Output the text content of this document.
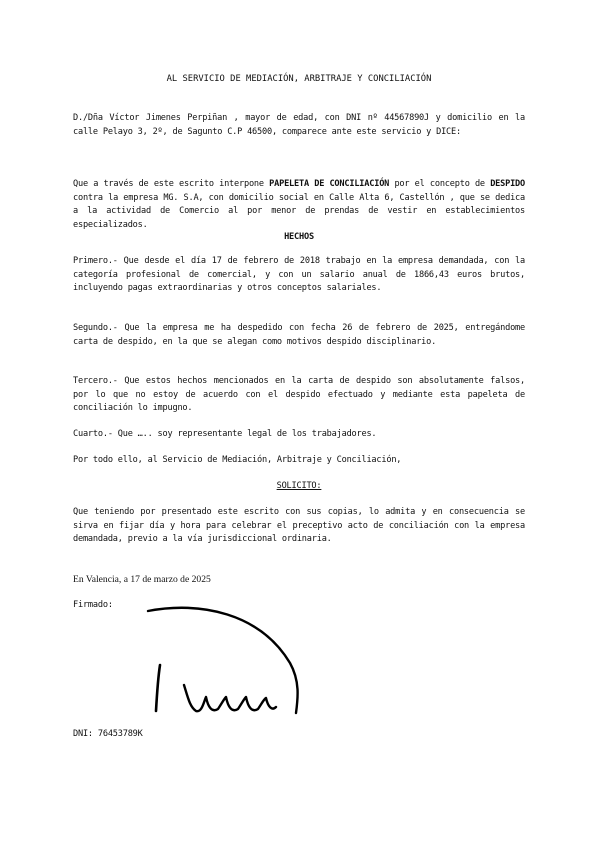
AL SERVICIO DE MEDIACIÓN, ARBITRAJE Y CONCILIACIÓN
D./Dña Víctor Jimenes Perpiñan , mayor de edad, con DNI nº 44567890J y domicilio en la calle Pelayo 3, 2º, de Sagunto C.P 46500, comparece ante este servicio y DICE:
Que a través de este escrito interpone PAPELETA DE CONCILIACIÓN por el concepto de DESPIDO contra la empresa MG. S.A, con domicilio social en Calle Alta 6, Castellón , que se dedica a la actividad de Comercio al por menor de prendas de vestir en establecimientos especializados.
HECHOS
Primero.- Que desde el día 17 de febrero de 2018 trabajo en la empresa demandada, con la categoría profesional de comercial, y con un salario anual de 1866,43 euros brutos, incluyendo pagas extraordinarias y otros conceptos salariales.
Segundo.- Que la empresa me ha despedido con fecha 26 de febrero de 2025, entregándome carta de despido, en la que se alegan como motivos despido disciplinario.
Tercero.- Que estos hechos mencionados en la carta de despido son absolutamente falsos, por lo que no estoy de acuerdo con el despido efectuado y mediante esta papeleta de conciliación lo impugno.
Cuarto.- Que ….. soy representante legal de los trabajadores.
Por todo ello, al Servicio de Mediación, Arbitraje y Conciliación,
SOLICITO:
Que teniendo por presentado este escrito con sus copias, lo admita y en consecuencia se sirva en fijar día y hora para celebrar el preceptivo acto de conciliación con la empresa demandada, previo a la vía jurisdiccional ordinaria.
En Valencia, a 17 de marzo de 2025
Firmado:
DNI: 76453789K
